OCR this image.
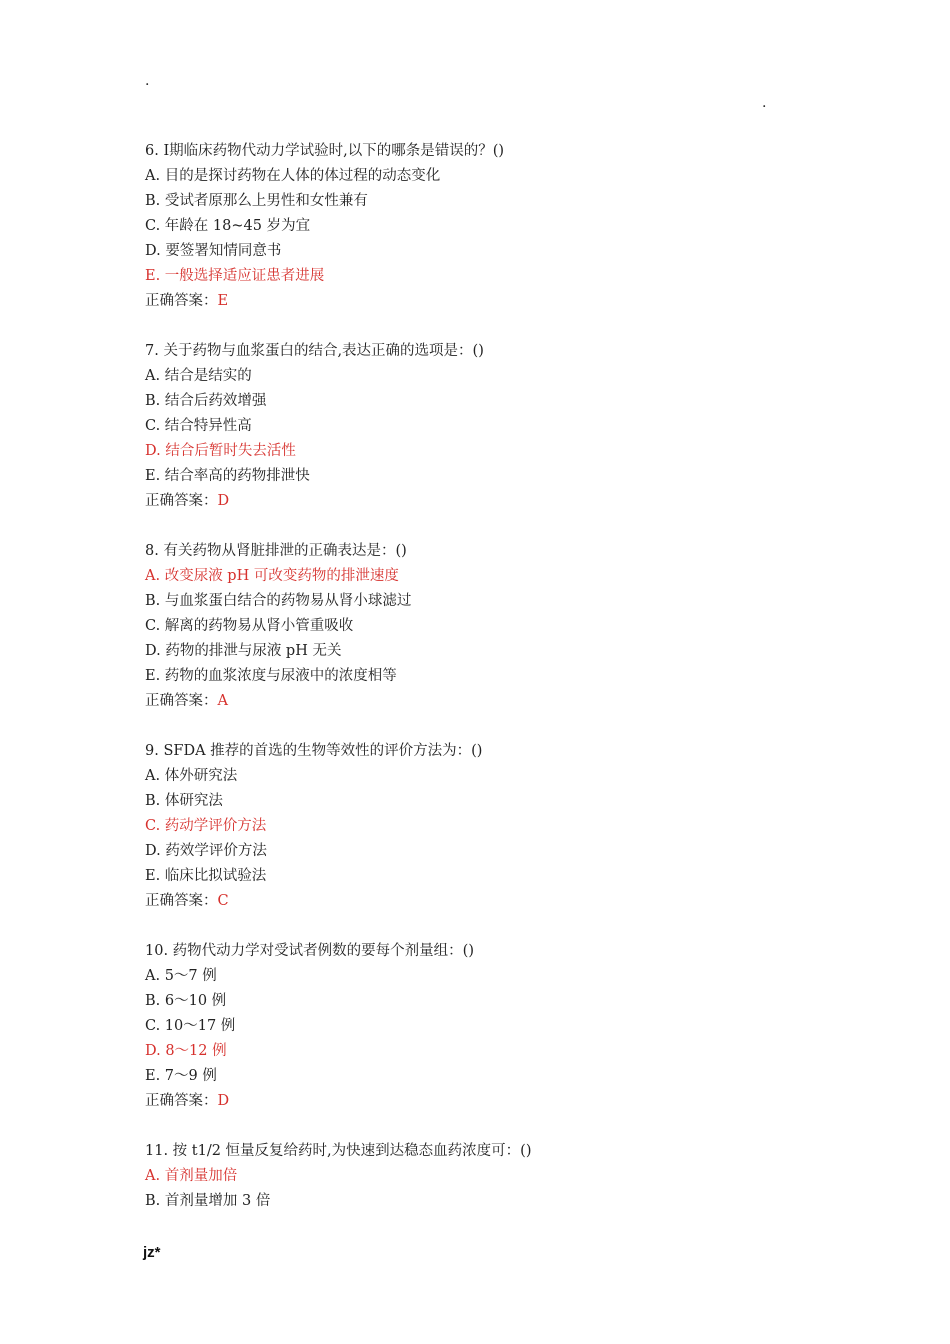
.
.
6. Ⅰ期临床药物代动力学试验时,以下的哪条是错误的？()
A. 目的是探讨药物在人体的体过程的动态变化
B. 受试者原那么上男性和女性兼有
C. 年龄在 18~45 岁为宜
D. 要签署知情同意书
E. 一般选择适应证患者进展
正确答案：E
7. 关于药物与血浆蛋白的结合,表达正确的选项是：()
A. 结合是结实的
B. 结合后药效增强
C. 结合特异性高
D. 结合后暂时失去活性
E. 结合率高的药物排泄快
正确答案：D
8. 有关药物从肾脏排泄的正确表达是：()
A. 改变尿液 pH 可改变药物的排泄速度
B. 与血浆蛋白结合的药物易从肾小球滤过
C. 解离的药物易从肾小管重吸收
D. 药物的排泄与尿液 pH 无关
E. 药物的血浆浓度与尿液中的浓度相等
正确答案：A
9. SFDA 推荐的首选的生物等效性的评价方法为：()
A. 体外研究法
B. 体研究法
C. 药动学评价方法
D. 药效学评价方法
E. 临床比拟试验法
正确答案：C
10. 药物代动力学对受试者例数的要每个剂量组：()
A. 5～7 例
B. 6～10 例
C. 10～17 例
D. 8～12 例
E. 7～9 例
正确答案：D
11. 按 t1/2 恒量反复给药时,为快速到达稳态血药浓度可：()
A. 首剂量加倍
B. 首剂量增加 3 倍
jz*
